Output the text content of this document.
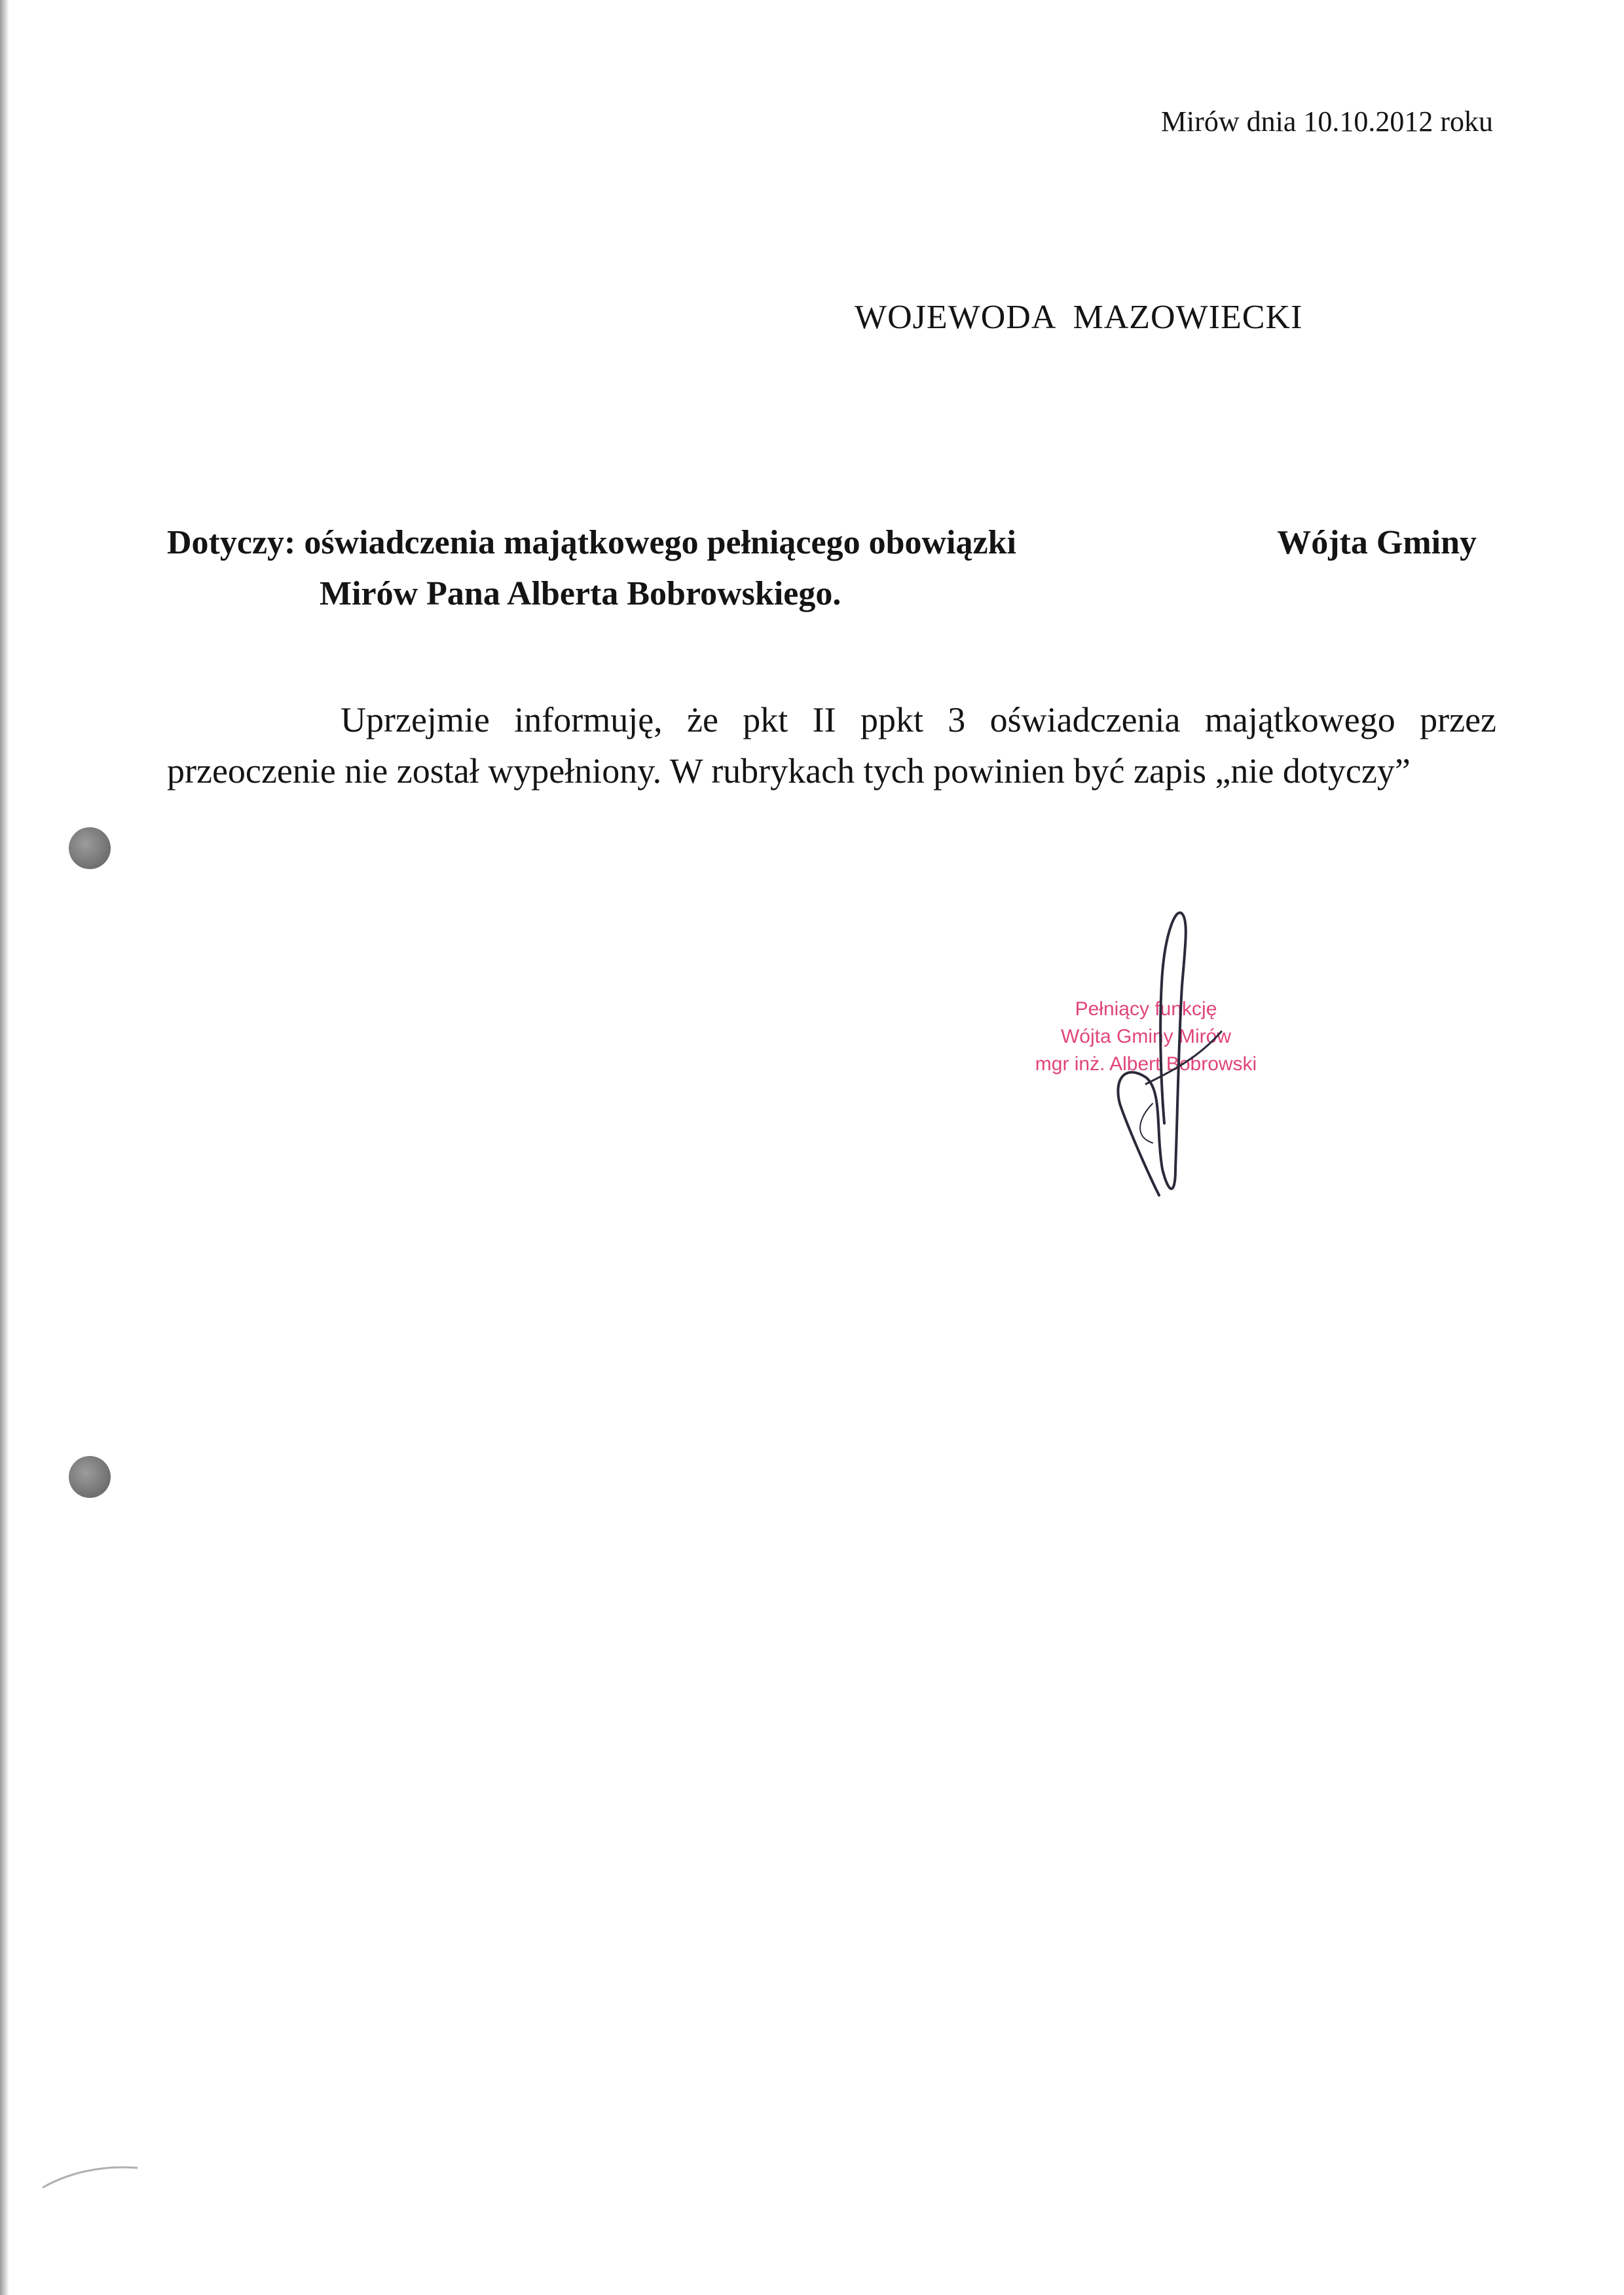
Mirów dnia 10.10.2012 roku
WOJEWODA MAZOWIECKI
Dotyczy: oświadczenia majątkowego pełniącego obowiązki	Wójta Gminy
Mirów Pana Alberta Bobrowskiego.
Uprzejmie informuję, że pkt II ppkt 3 oświadczenia majątkowego przez przeoczenie nie został wypełniony. W rubrykach tych powinien być zapis „nie dotyczy”
Pełniący funkcję
Wójta Gminy Mirów
mgr inż. Albert Bobrowski
